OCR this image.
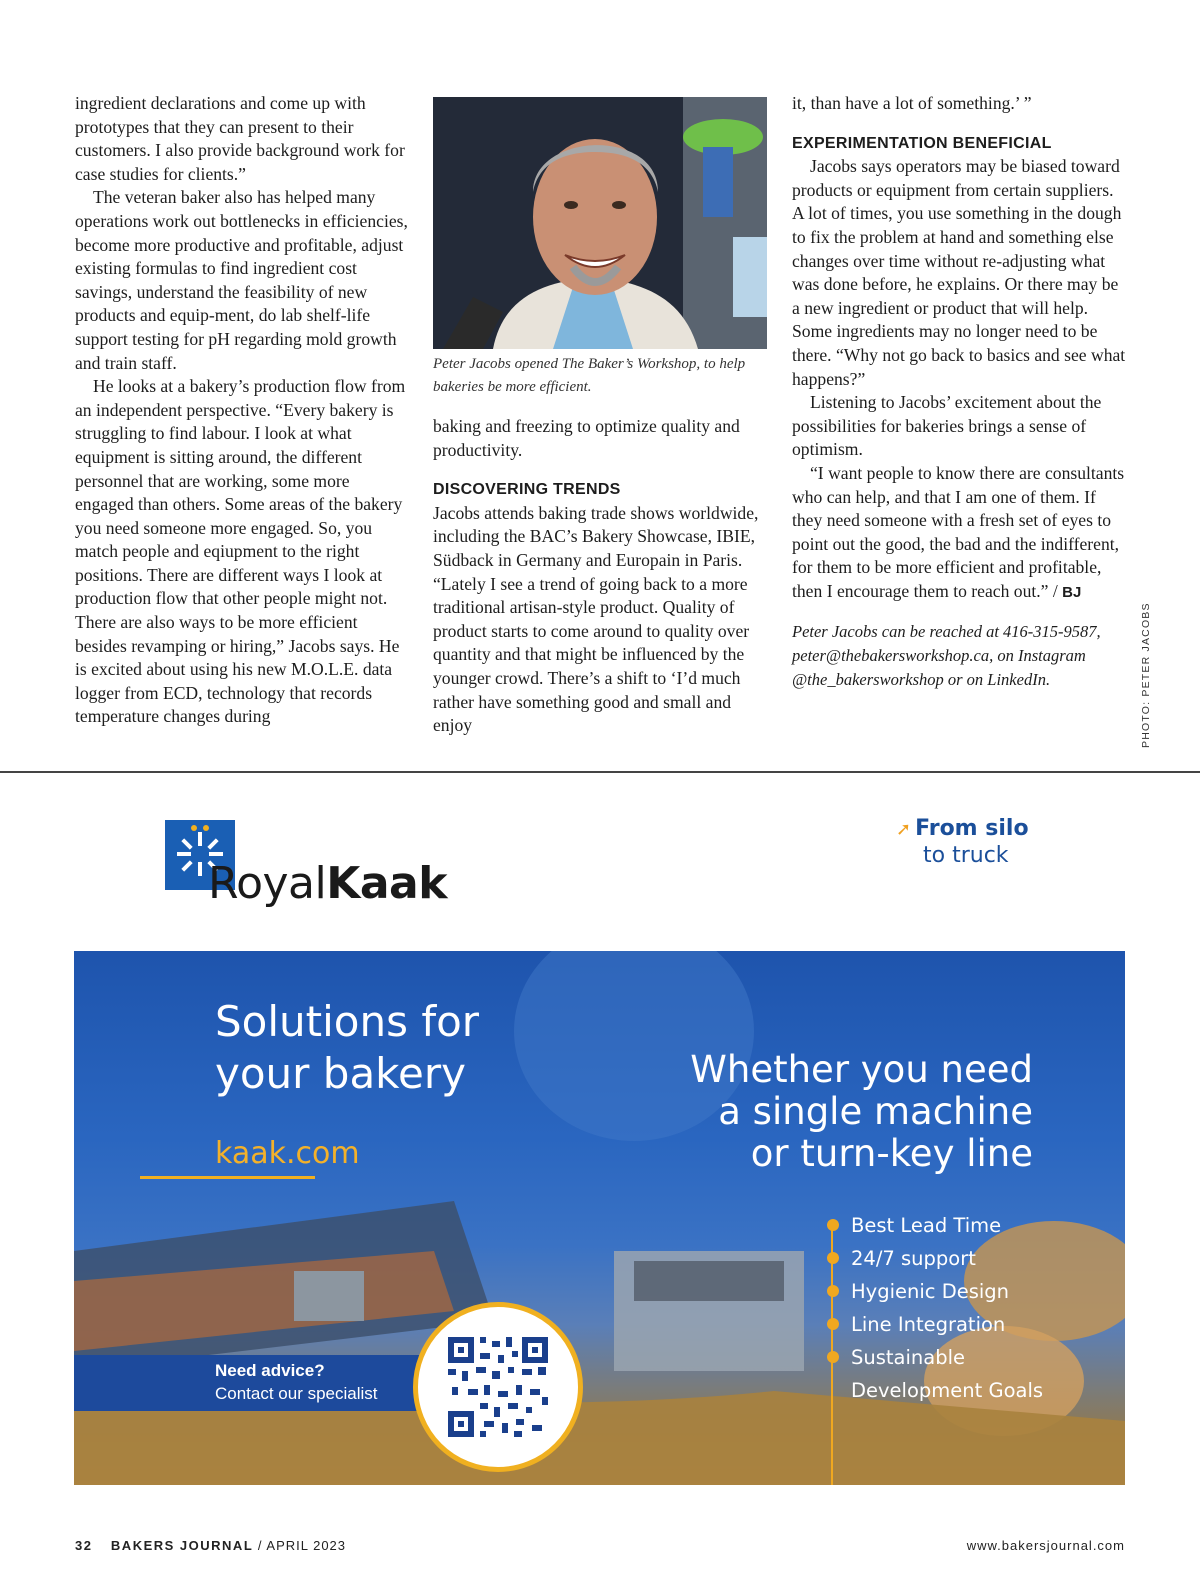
ingredient declarations and come up with prototypes that they can present to their customers. I also provide background work for case studies for clients.”

The veteran baker also has helped many operations work out bottlenecks in efficiencies, become more productive and profitable, adjust existing formulas to find ingredient cost savings, understand the feasibility of new products and equip-ment, do lab shelf-life support testing for pH regarding mold growth and train staff.

He looks at a bakery’s production flow from an independent perspective. “Every bakery is struggling to find labour. I look at what equipment is sitting around, the different personnel that are working, some more engaged than others. Some areas of the bakery you need someone more engaged. So, you match people and eqiupment to the right positions. There are different ways I look at production flow that other people might not. There are also ways to be more efficient besides revamping or hiring,” Jacobs says. He is excited about using his new M.O.L.E. data logger from ECD, technology that records temperature changes during

Peter Jacobs opened The Baker’s Workshop, to help bakeries be more efficient.

baking and freezing to optimize quality and productivity.

DISCOVERING TRENDS

Jacobs attends baking trade shows worldwide, including the BAC’s Bakery Showcase, IBIE, Südback in Germany and Europain in Paris. “Lately I see a trend of going back to a more traditional artisan-style product. Quality of product starts to come around to quality over quantity and that might be influenced by the younger crowd. There’s a shift to ‘I’d much rather have something good and small and enjoy

it, than have a lot of something.’ ”

EXPERIMENTATION BENEFICIAL

Jacobs says operators may be biased toward products or equipment from certain suppliers. A lot of times, you use something in the dough to fix the problem at hand and something else changes over time without re-adjusting what was done before, he explains. Or there may be a new ingredient or product that will help. Some ingredients may no longer need to be there. “Why not go back to basics and see what happens?”

Listening to Jacobs’ excitement about the possibilities for bakeries brings a sense of optimism.

“I want people to know there are consultants who can help, and that I am one of them. If they need someone with a fresh set of eyes to point out the good, the bad and the indifferent, for them to be more efficient and profitable, then I encourage them to reach out.” / BJ

Peter Jacobs can be reached at 416-315-9587, peter@thebakersworkshop.ca, on Instagram @the_bakersworkshop or on LinkedIn.	PHOTO: PETER JACOBS
RoyalKaak
➚ From silo
to truck
Solutions for
your bakery
kaak.com
Whether you need
a single machine
or turn-key line
Best Lead Time
24/7 support
Hygienic Design
Line Integration
Sustainable
Development Goals
Need advice?
Contact our specialist
32 BAKERS JOURNAL / APRIL 2023	www.bakersjournal.com
